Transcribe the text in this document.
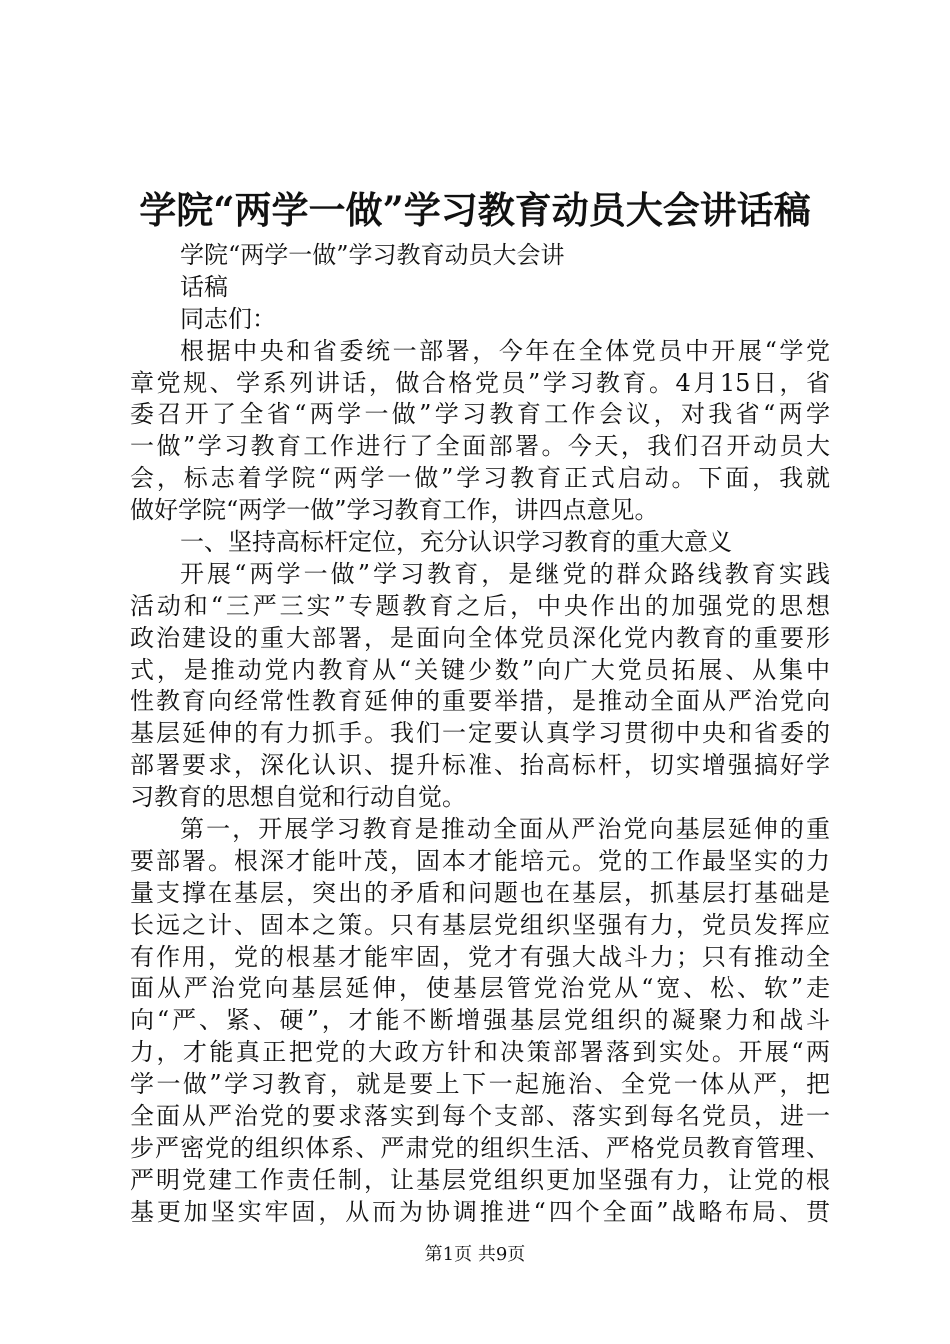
学院“两学一做”学习教育动员大会讲话稿
学院“两学一做”学习教育动员大会讲
话稿
同志们：
根据中央和省委统一部署，今年在全体党员中开展“学党
章党规、学系列讲话，做合格党员”学习教育。4月15日，省
委召开了全省“两学一做”学习教育工作会议，对我省“两学
一做”学习教育工作进行了全面部署。今天，我们召开动员大
会，标志着学院“两学一做”学习教育正式启动。下面，我就
做好学院“两学一做”学习教育工作，讲四点意见。
一、坚持高标杆定位，充分认识学习教育的重大意义
开展“两学一做”学习教育，是继党的群众路线教育实践
活动和“三严三实”专题教育之后，中央作出的加强党的思想
政治建设的重大部署，是面向全体党员深化党内教育的重要形
式，是推动党内教育从“关键少数”向广大党员拓展、从集中
性教育向经常性教育延伸的重要举措，是推动全面从严治党向
基层延伸的有力抓手。我们一定要认真学习贯彻中央和省委的
部署要求，深化认识、提升标准、抬高标杆，切实增强搞好学
习教育的思想自觉和行动自觉。
第一，开展学习教育是推动全面从严治党向基层延伸的重
要部署。根深才能叶茂，固本才能培元。党的工作最坚实的力
量支撑在基层，突出的矛盾和问题也在基层，抓基层打基础是
长远之计、固本之策。只有基层党组织坚强有力，党员发挥应
有作用，党的根基才能牢固，党才有强大战斗力；只有推动全
面从严治党向基层延伸，使基层管党治党从“宽、松、软”走
向“严、紧、硬”，才能不断增强基层党组织的凝聚力和战斗
力，才能真正把党的大政方针和决策部署落到实处。开展“两
学一做”学习教育，就是要上下一起施治、全党一体从严，把
全面从严治党的要求落实到每个支部、落实到每名党员，进一
步严密党的组织体系、严肃党的组织生活、严格党员教育管理、
严明党建工作责任制，让基层党组织更加坚强有力，让党的根
基更加坚实牢固，从而为协调推进“四个全面”战略布局、贯
第1页 共9页
